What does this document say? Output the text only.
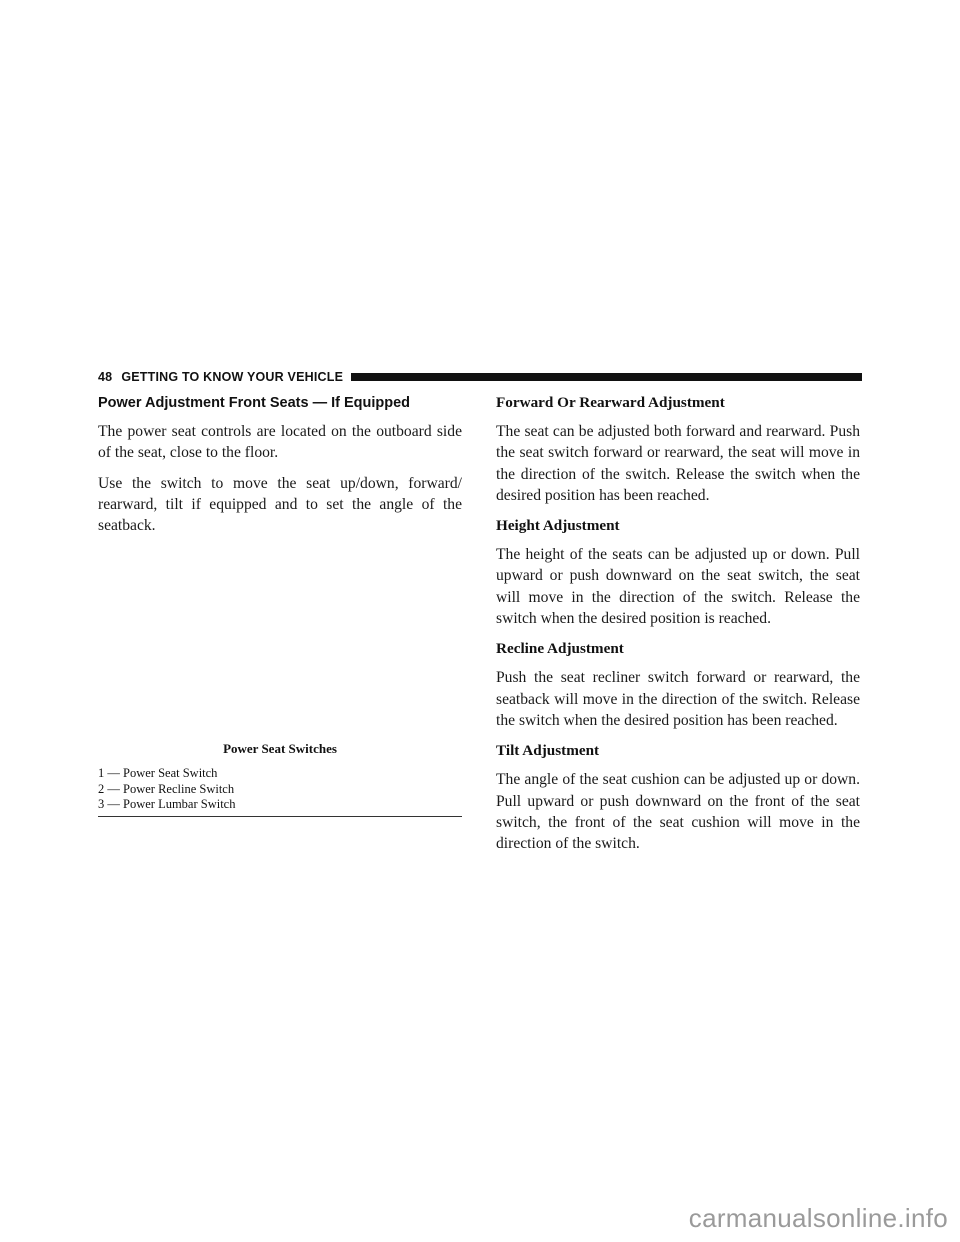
48 GETTING TO KNOW YOUR VEHICLE
Power Adjustment Front Seats — If Equipped

The power seat controls are located on the outboard side of the seat, close to the floor.

Use the switch to move the seat up/down, forward/ rearward, tilt if equipped and to set the angle of the seatback.

Power Seat Switches
1 — Power Seat Switch
2 — Power Recline Switch
3 — Power Lumbar Switch
Forward Or Rearward Adjustment

The seat can be adjusted both forward and rearward. Push the seat switch forward or rearward, the seat will move in the direction of the switch. Release the switch when the desired position has been reached.

Height Adjustment

The height of the seats can be adjusted up or down. Pull upward or push downward on the seat switch, the seat will move in the direction of the switch. Release the switch when the desired position is reached.

Recline Adjustment

Push the seat recliner switch forward or rearward, the seatback will move in the direction of the switch. Release the switch when the desired position has been reached.

Tilt Adjustment

The angle of the seat cushion can be adjusted up or down. Pull upward or push downward on the front of the seat switch, the front of the seat cushion will move in the direction of the switch.

carmanualsonline.info
